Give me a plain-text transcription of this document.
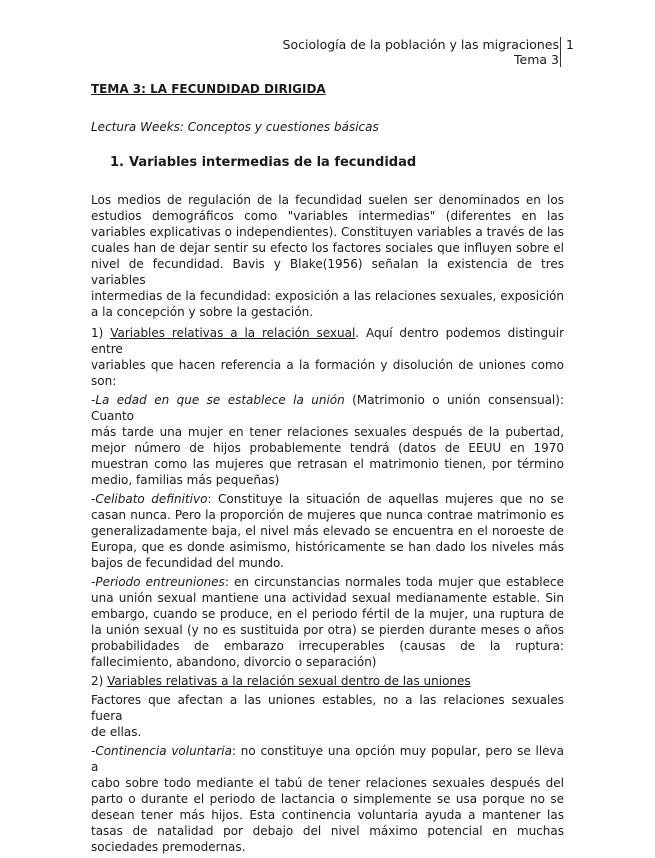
Sociología de la población y las migraciones
Tema 3
1
TEMA 3: LA FECUNDIDAD DIRIGIDA
Lectura Weeks: Conceptos y cuestiones básicas
1. Variables intermedias de la fecundidad
Los medios de regulación de la fecundidad suelen ser denominados en los
estudios demográficos como "variables intermedias" (diferentes en las
variables explicativas o independientes). Constituyen variables a través de las
cuales han de dejar sentir su efecto los factores sociales que influyen sobre el
nivel de fecundidad. Bavis y Blake(1956) señalan la existencia de tres variables
intermedias de la fecundidad: exposición a las relaciones sexuales, exposición
a la concepción y sobre la gestación.
1) Variables relativas a la relación sexual. Aquí dentro podemos distinguir entre
variables que hacen referencia a la formación y disolución de uniones como
son:
-La edad en que se establece la unión (Matrimonio o unión consensual): Cuanto
más tarde una mujer en tener relaciones sexuales después de la pubertad,
mejor número de hijos probablemente tendrá (datos de EEUU en 1970
muestran como las mujeres que retrasan el matrimonio tienen, por término
medio, familias más pequeñas)
-Celibato definitivo: Constituye la situación de aquellas mujeres que no se
casan nunca. Pero la proporción de mujeres que nunca contrae matrimonio es
generalizadamente baja, el nivel más elevado se encuentra en el noroeste de
Europa, que es donde asimismo, históricamente se han dado los niveles más
bajos de fecundidad del mundo.
-Periodo entreuniones: en circunstancias normales toda mujer que establece
una unión sexual mantiene una actividad sexual medianamente estable. Sin
embargo, cuando se produce, en el periodo fértil de la mujer, una ruptura de
la unión sexual (y no es sustituida por otra) se pierden durante meses o años
probabilidades de embarazo irrecuperables (causas de la ruptura:
fallecimiento, abandono, divorcio o separación)
2) Variables relativas a la relación sexual dentro de las uniones
Factores que afectan a las uniones estables, no a las relaciones sexuales fuera
de ellas.
-Continencia voluntaria: no constituye una opción muy popular, pero se lleva a
cabo sobre todo mediante el tabú de tener relaciones sexuales después del
parto o durante el periodo de lactancia o simplemente se usa porque no se
desean tener más hijos. Esta continencia voluntaria ayuda a mantener las
tasas de natalidad por debajo del nivel máximo potencial en muchas
sociedades premodernas.
